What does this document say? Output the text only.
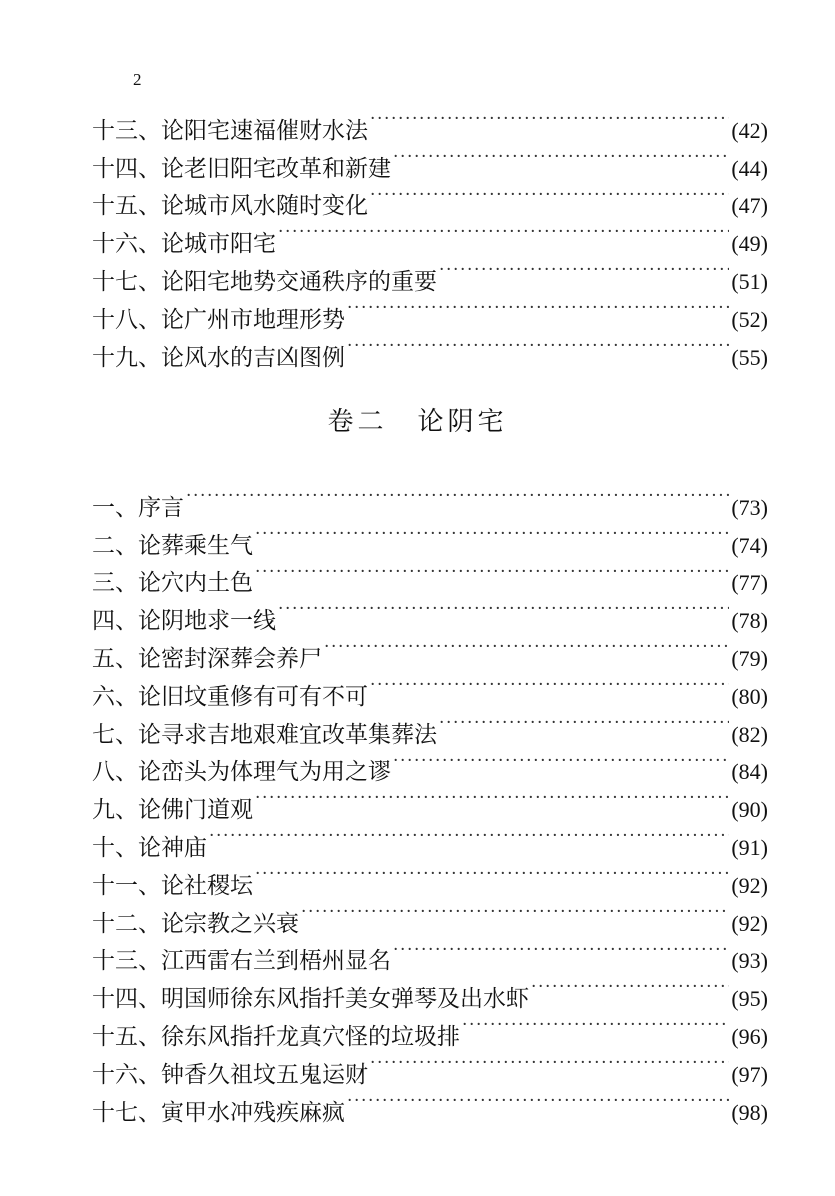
2
十三、 论阳宅速福催财水法 ·····	(42)
十四、 论老旧阳宅改革和新建 ·····	(44)
十五、 论城市风水随时变化 ·····	(47)
十六、 论城市阳宅 ·····	(49)
十七、 论阳宅地势交通秩序的重要 ·····	(51)
十八、 论广州市地理形势 ·····	(52)
十九、 论风水的吉凶图例 ·····	(55)
卷二 论阴宅
一、 序言 ·····	(73)
二、 论葬乘生气 ·····	(74)
三、 论穴内土色 ·····	(77)
四、 论阴地求一线 ·····	(78)
五、 论密封深葬会养尸 ·····	(79)
六、 论旧坟重修有可有不可 ·····	(80)
七、 论寻求吉地艰难宜改革集葬法 ·····	(82)
八、 论峦头为体理气为用之谬 ·····	(84)
九、 论佛门道观 ·····	(90)
十、 论神庙 ·····	(91)
十一、 论社稷坛 ·····	(92)
十二、 论宗教之兴衰 ·····	(92)
十三、 江西雷右兰到梧州显名 ·····	(93)
十四、 明国师徐东风指扦美女弹琴及出水虾 ·····	(95)
十五、 徐东风指扦龙真穴怪的垃圾排 ·····	(96)
十六、 钟香久祖坟五鬼运财 ·····	(97)
十七、 寅甲水冲残疾麻疯 ·····	(98)
